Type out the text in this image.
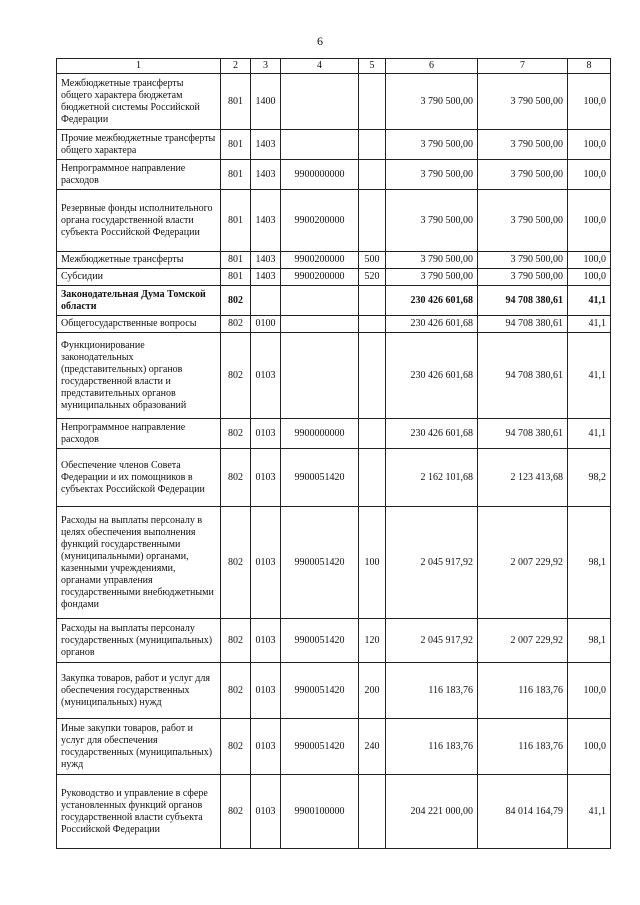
6
1	2	3	4	5	6	7	8
Межбюджетные трансферты общего характера бюджетам бюджетной системы Российской Федерации	801	1400			3 790 500,00	3 790 500,00	100,0
Прочие межбюджетные трансферты общего характера	801	1403			3 790 500,00	3 790 500,00	100,0
Непрограммное направление расходов	801	1403	9900000000		3 790 500,00	3 790 500,00	100,0
Резервные фонды исполнительного органа государственной власти субъекта Российской Федерации	801	1403	9900200000		3 790 500,00	3 790 500,00	100,0
Межбюджетные трансферты	801	1403	9900200000	500	3 790 500,00	3 790 500,00	100,0
Субсидии	801	1403	9900200000	520	3 790 500,00	3 790 500,00	100,0
Законодательная Дума Томской области	802				230 426 601,68	94 708 380,61	41,1
Общегосударственные вопросы	802	0100			230 426 601,68	94 708 380,61	41,1
Функционирование законодательных (представительных) органов государственной власти и представительных органов муниципальных образований	802	0103			230 426 601,68	94 708 380,61	41,1
Непрограммное направление расходов	802	0103	9900000000		230 426 601,68	94 708 380,61	41,1
Обеспечение членов Совета Федерации и их помощников в субъектах Российской Федерации	802	0103	9900051420		2 162 101,68	2 123 413,68	98,2
Расходы на выплаты персоналу в целях обеспечения выполнения функций государственными (муниципальными) органами, казенными учреждениями, органами управления государственными внебюджетными фондами	802	0103	9900051420	100	2 045 917,92	2 007 229,92	98,1
Расходы на выплаты персоналу государственных (муниципальных) органов	802	0103	9900051420	120	2 045 917,92	2 007 229,92	98,1
Закупка товаров, работ и услуг для обеспечения государственных (муниципальных) нужд	802	0103	9900051420	200	116 183,76	116 183,76	100,0
Иные закупки товаров, работ и услуг для обеспечения государственных (муниципальных) нужд	802	0103	9900051420	240	116 183,76	116 183,76	100,0
Руководство и управление в сфере установленных функций органов государственной власти субъекта Российской Федерации	802	0103	9900100000		204 221 000,00	84 014 164,79	41,1
